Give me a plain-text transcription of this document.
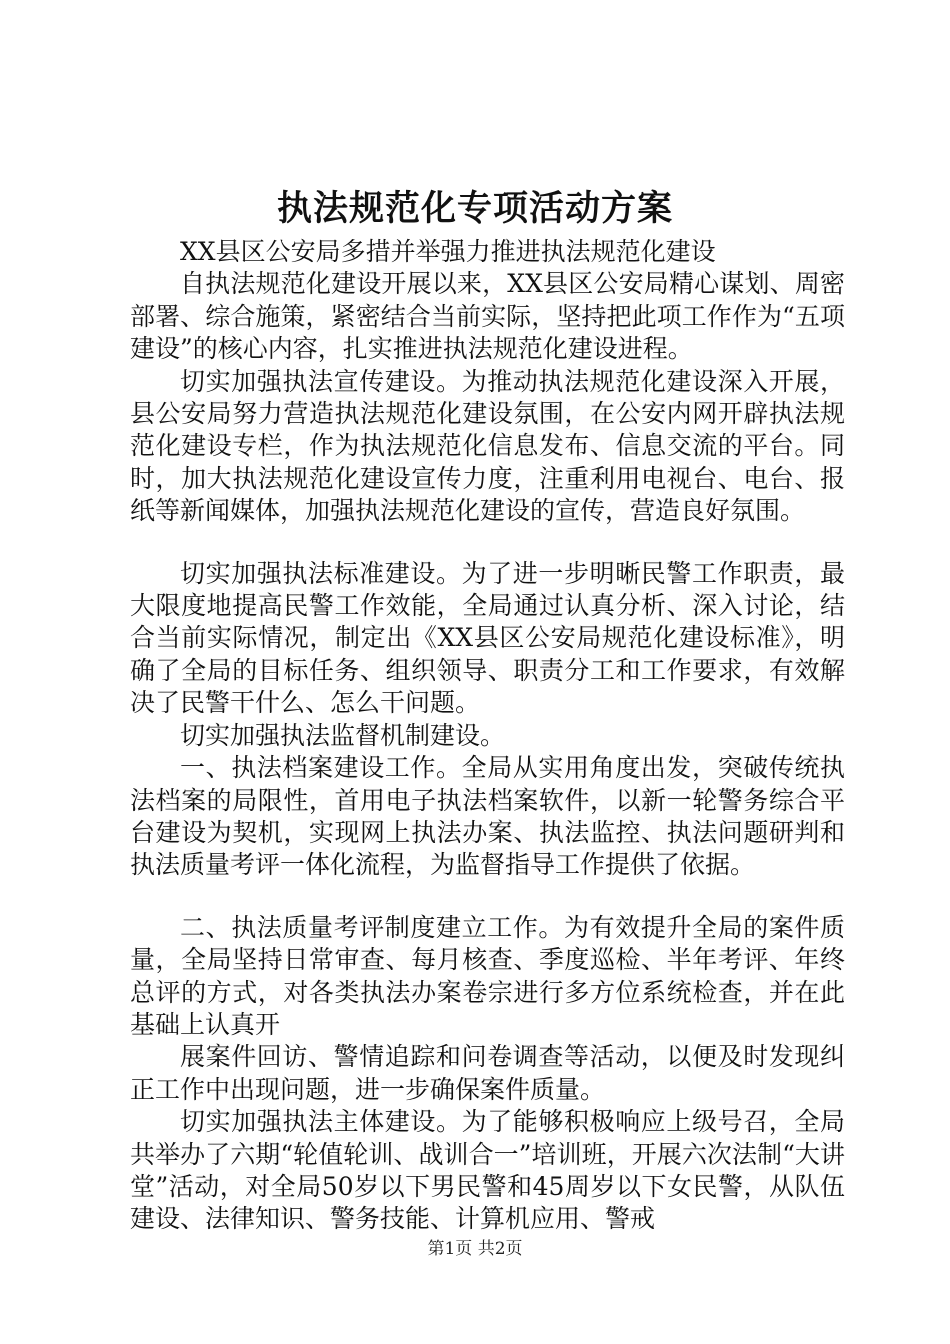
执法规范化专项活动方案

XX县区公安局多措并举强力推进执法规范化建设

自执法规范化建设开展以来，XX县区公安局精心谋划、周密部署、综合施策，紧密结合当前实际，坚持把此项工作作为“五项建设”的核心内容，扎实推进执法规范化建设进程。

切实加强执法宣传建设。为推动执法规范化建设深入开展，县公安局努力营造执法规范化建设氛围，在公安内网开辟执法规范化建设专栏，作为执法规范化信息发布、信息交流的平台。同时，加大执法规范化建设宣传力度，注重利用电视台、电台、报纸等新闻媒体，加强执法规范化建设的宣传，营造良好氛围。

切实加强执法标准建设。为了进一步明晰民警工作职责，最大限度地提高民警工作效能，全局通过认真分析、深入讨论，结合当前实际情况，制定出《XX县区公安局规范化建设标准》，明确了全局的目标任务、组织领导、职责分工和工作要求，有效解决了民警干什么、怎么干问题。

切实加强执法监督机制建设。

一、执法档案建设工作。全局从实用角度出发，突破传统执法档案的局限性，首用电子执法档案软件，以新一轮警务综合平台建设为契机，实现网上执法办案、执法监控、执法问题研判和执法质量考评一体化流程，为监督指导工作提供了依据。

二、执法质量考评制度建立工作。为有效提升全局的案件质量，全局坚持日常审查、每月核查、季度巡检、半年考评、年终总评的方式，对各类执法办案卷宗进行多方位系统检查，并在此基础上认真开

展案件回访、警情追踪和问卷调查等活动，以便及时发现纠正工作中出现问题，进一步确保案件质量。

切实加强执法主体建设。为了能够积极响应上级号召，全局共举办了六期“轮值轮训、战训合一”培训班，开展六次法制“大讲堂”活动，对全局50岁以下男民警和45周岁以下女民警，从队伍建设、法律知识、警务技能、计算机应用、警戒

第1页 共2页
